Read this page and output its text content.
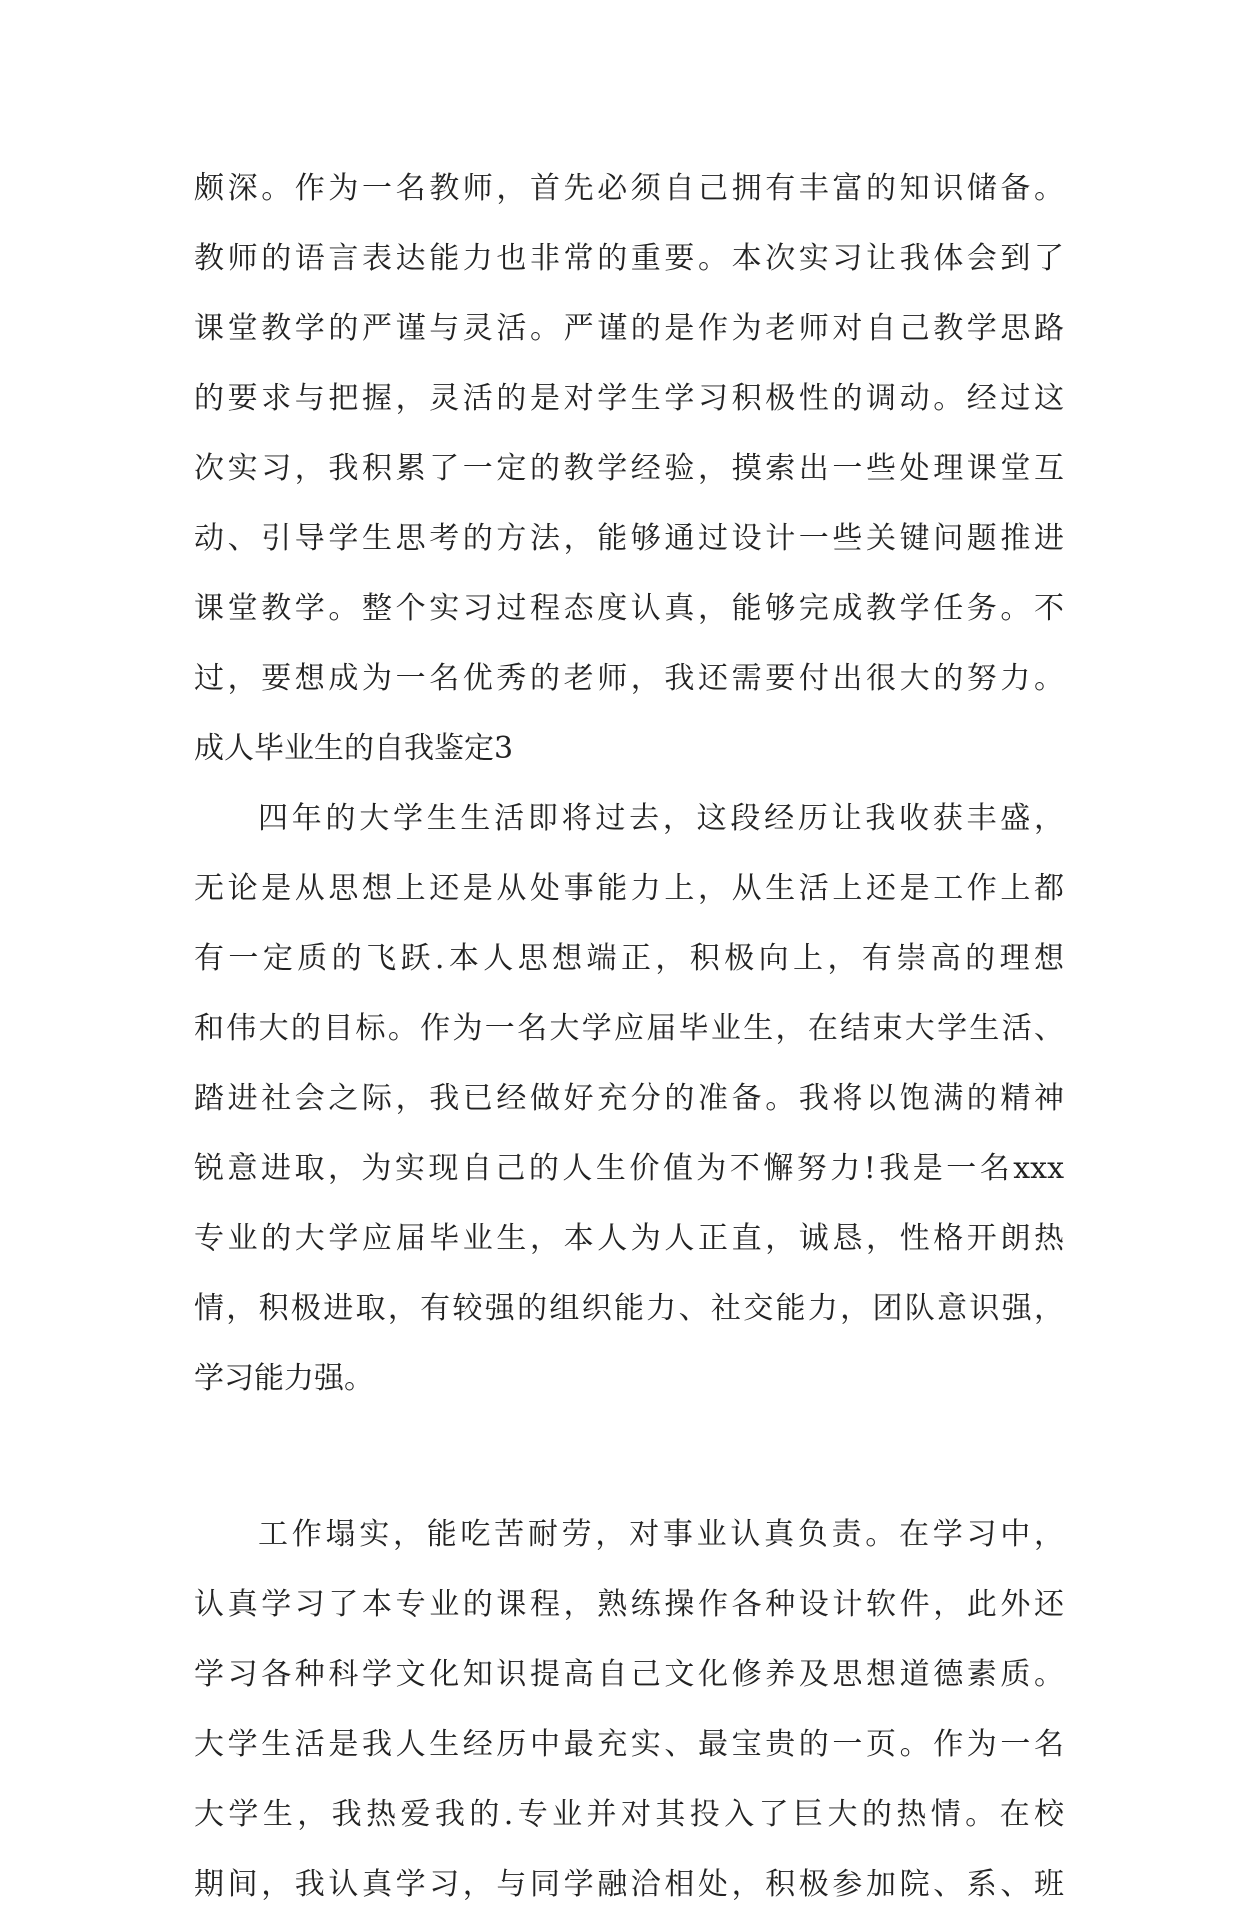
颇深。作为一名教师，首先必须自己拥有丰富的知识储备。
教师的语言表达能力也非常的重要。本次实习让我体会到了
课堂教学的严谨与灵活。严谨的是作为老师对自己教学思路
的要求与把握，灵活的是对学生学习积极性的调动。经过这
次实习，我积累了一定的教学经验，摸索出一些处理课堂互
动、引导学生思考的方法，能够通过设计一些关键问题推进
课堂教学。整个实习过程态度认真，能够完成教学任务。不
过，要想成为一名优秀的老师，我还需要付出很大的努力。
成人毕业生的自我鉴定3
四年的大学生生活即将过去，这段经历让我收获丰盛，
无论是从思想上还是从处事能力上，从生活上还是工作上都
有一定质的飞跃.本人思想端正，积极向上，有崇高的理想
和伟大的目标。作为一名大学应届毕业生，在结束大学生活、
踏进社会之际，我已经做好充分的准备。我将以饱满的精神
锐意进取，为实现自己的人生价值为不懈努力!我是一名xxx
专业的大学应届毕业生，本人为人正直，诚恳，性格开朗热
情，积极进取，有较强的组织能力、社交能力，团队意识强，
学习能力强。
工作塌实，能吃苦耐劳，对事业认真负责。在学习中，
认真学习了本专业的课程，熟练操作各种设计软件，此外还
学习各种科学文化知识提高自己文化修养及思想道德素质。
大学生活是我人生经历中最充实、最宝贵的一页。作为一名
大学生，我热爱我的.专业并对其投入了巨大的热情。在校
期间，我认真学习，与同学融洽相处，积极参加院、系、班
